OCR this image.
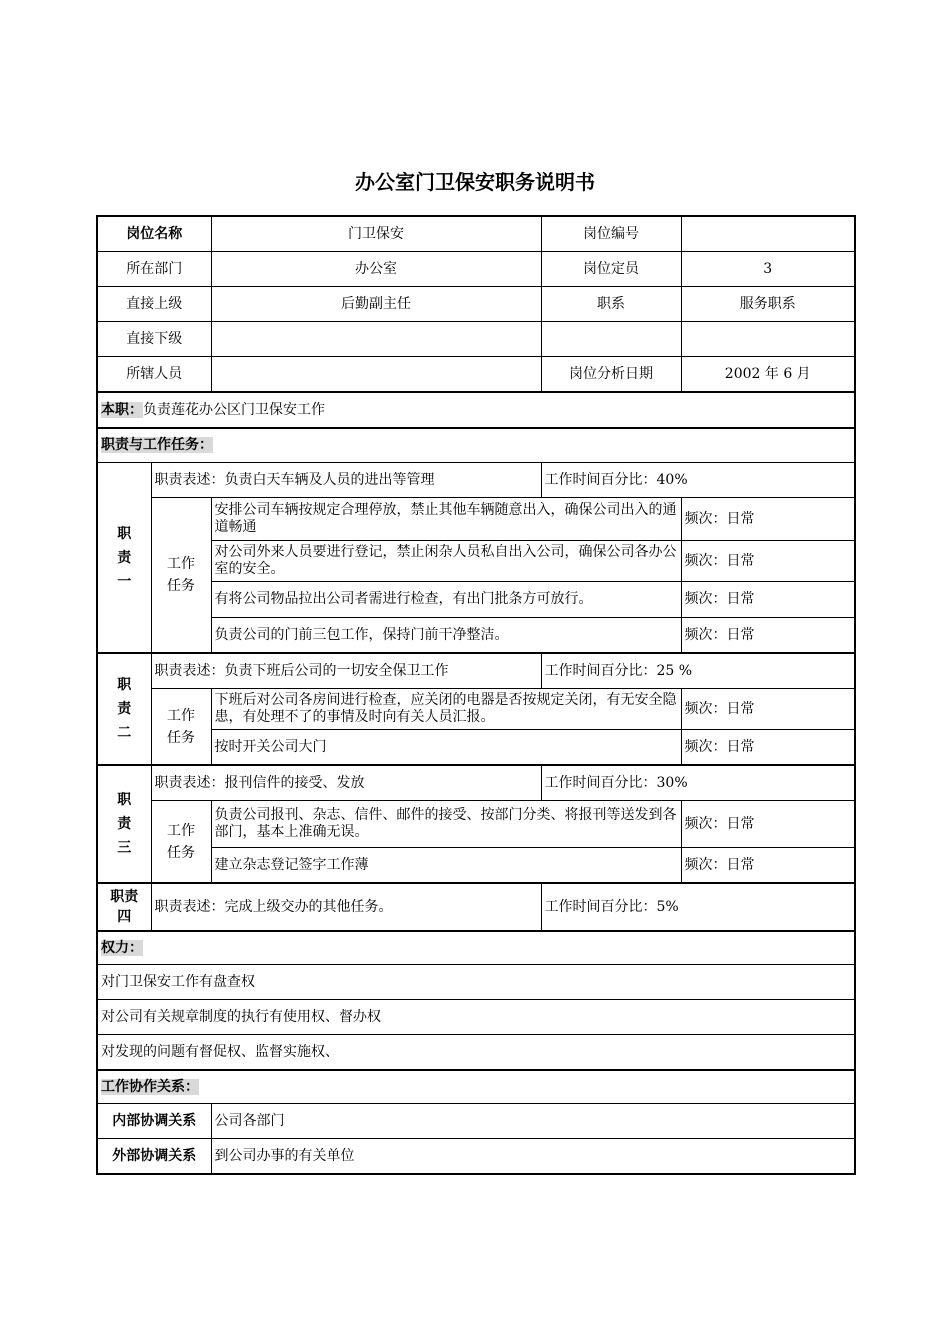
办公室门卫保安职务说明书
岗位名称		门卫保安	岗位编号	
所在部门		办公室	岗位定员	3
直接上级		后勤副主任	职系	服务职系
直接下级				
所辖人员			岗位分析日期	2002 年 6 月
本职：负责莲花办公区门卫保安工作				
职责与工作任务：				
职责一	职责表述：负责白天车辆及人员的进出等管理		工作时间百分比：40%	
	工作任务	安排公司车辆按规定合理停放，禁止其他车辆随意出入，确保公司出入的通道畅通		频次：日常
		对公司外来人员要进行登记，禁止闲杂人员私自出入公司，确保公司各办公室的安全。		频次：日常
		有将公司物品拉出公司者需进行检查，有出门批条方可放行。		频次：日常
		负责公司的门前三包工作，保持门前干净整洁。		频次：日常
职责二	职责表述：负责下班后公司的一切安全保卫工作		工作时间百分比：25 %	
	工作任务	下班后对公司各房间进行检查，应关闭的电器是否按规定关闭，有无安全隐患，有处理不了的事情及时向有关人员汇报。		频次：日常
		按时开关公司大门		频次：日常
职责三	职责表述：报刊信件的接受、发放		工作时间百分比：30%	
	工作任务	负责公司报刊、杂志、信件、邮件的接受、按部门分类、将报刊等送发到各部门，基本上准确无误。		频次：日常
		建立杂志登记签字工作薄		频次：日常
职责四	职责表述：完成上级交办的其他任务。		工作时间百分比：5%	
权力：				
对门卫保安工作有盘查权				
对公司有关规章制度的执行有使用权、督办权				
对发现的问题有督促权、监督实施权、				
工作协作关系：				
内部协调关系		公司各部门		
外部协调关系		到公司办事的有关单位		
